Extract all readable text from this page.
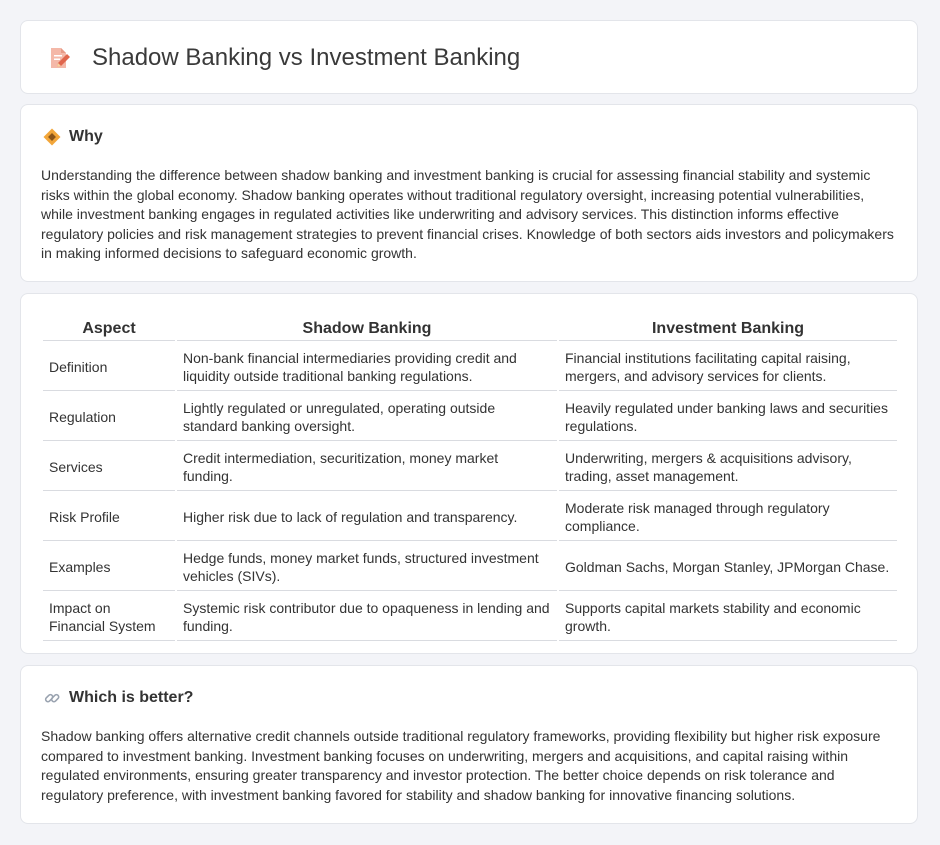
Shadow Banking vs Investment Banking
Why

Understanding the difference between shadow banking and investment banking is crucial for assessing financial stability and systemic risks within the global economy. Shadow banking operates without traditional regulatory oversight, increasing potential vulnerabilities, while investment banking engages in regulated activities like underwriting and advisory services. This distinction informs effective regulatory policies and risk management strategies to prevent financial crises. Knowledge of both sectors aids investors and policymakers in making informed decisions to safeguard economic growth.

Aspect	Shadow Banking	Investment Banking
Definition	Non-bank financial intermediaries providing credit and liquidity outside traditional banking regulations.	Financial institutions facilitating capital raising, mergers, and advisory services for clients.
Regulation	Lightly regulated or unregulated, operating outside standard banking oversight.	Heavily regulated under banking laws and securities regulations.
Services	Credit intermediation, securitization, money market funding.	Underwriting, mergers & acquisitions advisory, trading, asset management.
Risk Profile	Higher risk due to lack of regulation and transparency.	Moderate risk managed through regulatory compliance.
Examples	Hedge funds, money market funds, structured investment vehicles (SIVs).	Goldman Sachs, Morgan Stanley, JPMorgan Chase.
Impact on Financial System	Systemic risk contributor due to opaqueness in lending and funding.	Supports capital markets stability and economic growth.
Which is better?

Shadow banking offers alternative credit channels outside traditional regulatory frameworks, providing flexibility but higher risk exposure compared to investment banking. Investment banking focuses on underwriting, mergers and acquisitions, and capital raising within regulated environments, ensuring greater transparency and investor protection. The better choice depends on risk tolerance and regulatory preference, with investment banking favored for stability and shadow banking for innovative financing solutions.
